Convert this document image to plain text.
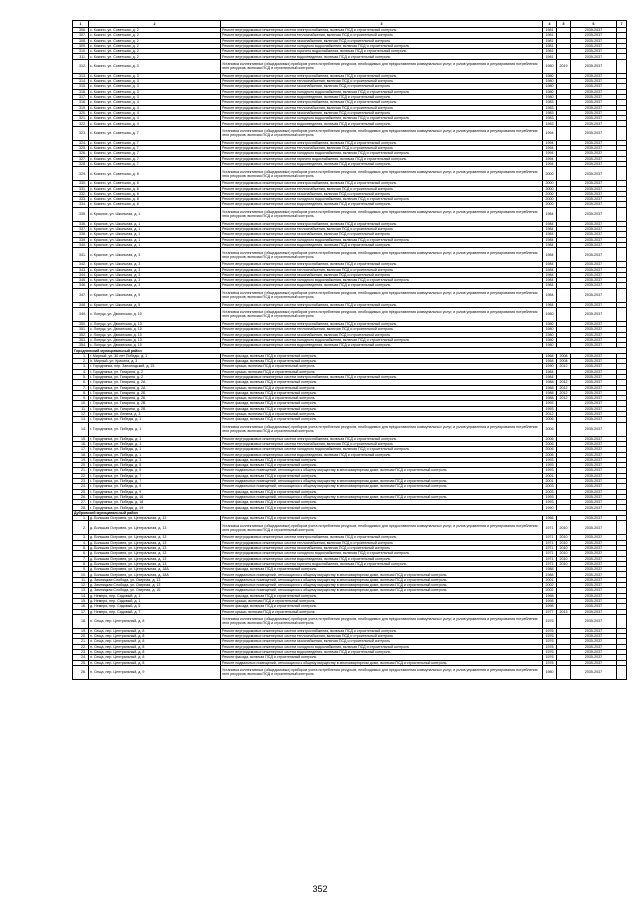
1	2	3	4	5	6	7
306.	с. Кокино, ул. Советская, д. 2	Ремонт внутридомовых инженерных систем электроснабжения, включая ПСД и строительный контроль	1981		2035-2037	
307.	с. Кокино, ул. Советская, д. 2	Ремонт внутридомовых инженерных систем теплоснабжения, включая ПСД и строительный контроль	1981		2035-2037	
308.	с. Кокино, ул. Советская, д. 2	Ремонт внутридомовых инженерных систем газоснабжения, включая ПСД и строительный контроль	1981		2035-2037	
309.	с. Кокино, ул. Советская, д. 2	Ремонт внутридомовых инженерных систем холодного водоснабжения, включая ПСД и строительный контроль	1981		2035-2037	
310.	с. Кокино, ул. Советская, д. 2	Ремонт внутридомовых инженерных систем горячего водоснабжения, включая ПСД и строительный контроль	1981		2035-2037	
311.	с. Кокино, ул. Советская, д. 2	Ремонт внутридомовых инженерных систем водоотведения, включая ПСД и строительный контроль	1981		2035-2037	
312.	с. Кокино, ул. Советская, д. 3	Установка коллективных (общедомовых) приборов учета потребления ресурсов, необходимых для предоставления коммунальных услуг, и узлов управления и регулирования потребления этих ресурсов, включая ПСД и строительный контроль	1980	2019	2035-2037	
313.	с. Кокино, ул. Советская, д. 3	Ремонт внутридомовых инженерных систем электроснабжения, включая ПСД и строительный контроль	1980		2035-2037	
314.	с. Кокино, ул. Советская, д. 3	Ремонт внутридомовых инженерных систем теплоснабжения, включая ПСД и строительный контроль	1980		2035-2037	
315.	с. Кокино, ул. Советская, д. 3	Ремонт внутридомовых инженерных систем газоснабжения, включая ПСД и строительный контроль	1980		2035-2037	
316.	с. Кокино, ул. Советская, д. 3	Ремонт внутридомовых инженерных систем холодного водоснабжения, включая ПСД и строительный контроль	1980		2035-2037	
317.	с. Кокино, ул. Советская, д. 3	Ремонт внутридомовых инженерных систем водоотведения, включая ПСД и строительный контроль	1980		2035-2037	
318.	с. Кокино, ул. Советская, д. 4	Ремонт внутридомовых инженерных систем электроснабжения, включая ПСД и строительный контроль	1983		2035-2037	
319.	с. Кокино, ул. Советская, д. 4	Ремонт внутридомовых инженерных систем теплоснабжения, включая ПСД и строительный контроль	1983		2035-2037	
320.	с. Кокино, ул. Советская, д. 4	Ремонт внутридомовых инженерных систем газоснабжения, включая ПСД и строительный контроль	1983		2035-2037	
321.	с. Кокино, ул. Советская, д. 4	Ремонт внутридомовых инженерных систем холодного водоснабжения, включая ПСД и строительный контроль	1983		2035-2037	
322.	с. Кокино, ул. Советская, д. 4	Ремонт внутридомовых инженерных систем водоотведения, включая ПСД и строительный контроль	1983		2035-2037	
323.	с. Кокино, ул. Советская, д. 7	Установка коллективных (общедомовых) приборов учета потребления ресурсов, необходимых для предоставления коммунальных услуг, и узлов управления и регулирования потребления этих ресурсов, включая ПСД и строительный контроль	1994		2035-2037	
324.	с. Кокино, ул. Советская, д. 7	Ремонт внутридомовых инженерных систем электроснабжения, включая ПСД и строительный контроль	1994		2035-2037	
325.	с. Кокино, ул. Советская, д. 7	Ремонт внутридомовых инженерных систем теплоснабжения, включая ПСД и строительный контроль	1994		2035-2037	
326.	с. Кокино, ул. Советская, д. 7	Ремонт внутридомовых инженерных систем холодного водоснабжения, включая ПСД и строительный контроль	1994		2035-2037	
327.	с. Кокино, ул. Советская, д. 7	Ремонт внутридомовых инженерных систем горячего водоснабжения, включая ПСД и строительный контроль	1994		2035-2037	
328.	с. Кокино, ул. Советская, д. 7	Ремонт внутридомовых инженерных систем водоотведения, включая ПСД и строительный контроль	1994		2035-2037	
329.	с. Кокино, ул. Советская, д. 8	Установка коллективных (общедомовых) приборов учета потребления ресурсов, необходимых для предоставления коммунальных услуг, и узлов управления и регулирования потребления этих ресурсов, включая ПСД и строительный контроль	2000		2035-2037	
330.	с. Кокино, ул. Советская, д. 8	Ремонт внутридомовых инженерных систем электроснабжения, включая ПСД и строительный контроль	2000		2035-2037	
331.	с. Кокино, ул. Советская, д. 8	Ремонт внутридомовых инженерных систем теплоснабжения, включая ПСД и строительный контроль	2000		2035-2037	
332.	с. Кокино, ул. Советская, д. 8	Ремонт внутридомовых инженерных систем газоснабжения, включая ПСД и строительный контроль	2000		2035-2037	
333.	с. Кокино, ул. Советская, д. 8	Ремонт внутридомовых инженерных систем холодного водоснабжения, включая ПСД и строительный контроль	2000		2035-2037	
334.	с. Кокино, ул. Советская, д. 8	Ремонт внутридомовых инженерных систем водоотведения, включая ПСД и строительный контроль	2000		2035-2037	
335.	с. Красное, ул. Школьная, д. 1	Установка коллективных (общедомовых) приборов учета потребления ресурсов, необходимых для предоставления коммунальных услуг, и узлов управления и регулирования потребления этих ресурсов, включая ПСД и строительный контроль	1984		2035-2037	
336.	с. Красное, ул. Школьная, д. 1	Ремонт внутридомовых инженерных систем электроснабжения, включая ПСД и строительный контроль	1984		2035-2037	
337.	с. Красное, ул. Школьная, д. 1	Ремонт внутридомовых инженерных систем теплоснабжения, включая ПСД и строительный контроль	1984		2035-2037	
338.	с. Красное, ул. Школьная, д. 1	Ремонт внутридомовых инженерных систем газоснабжения, включая ПСД и строительный контроль	1984		2035-2037	
339.	с. Красное, ул. Школьная, д. 1	Ремонт внутридомовых инженерных систем холодного водоснабжения, включая ПСД и строительный контроль	1984		2035-2037	
340.	с. Красное, ул. Школьная, д. 1	Ремонт внутридомовых инженерных систем водоотведения, включая ПСД и строительный контроль	1984		2035-2037	
341.	с. Красное, ул. Школьная, д. 3	Установка коллективных (общедомовых) приборов учета потребления ресурсов, необходимых для предоставления коммунальных услуг, и узлов управления и регулирования потребления этих ресурсов, включая ПСД и строительный контроль	1984		2035-2037	
342.	с. Красное, ул. Школьная, д. 3	Ремонт внутридомовых инженерных систем электроснабжения, включая ПСД и строительный контроль	1984		2035-2037	
343.	с. Красное, ул. Школьная, д. 3	Ремонт внутридомовых инженерных систем теплоснабжения, включая ПСД и строительный контроль	1984		2035-2037	
344.	с. Красное, ул. Школьная, д. 3	Ремонт внутридомовых инженерных систем газоснабжения, включая ПСД и строительный контроль	1984		2035-2037	
345.	с. Красное, ул. Школьная, д. 3	Ремонт внутридомовых инженерных систем холодного водоснабжения, включая ПСД и строительный контроль	1984		2035-2037	
346.	с. Красное, ул. Школьная, д. 3	Ремонт внутридомовых инженерных систем водоотведения, включая ПСД и строительный контроль	1984		2035-2037	
347.	с. Красное, ул. Школьная, д. 5	Установка коллективных (общедомовых) приборов учета потребления ресурсов, необходимых для предоставления коммунальных услуг, и узлов управления и регулирования потребления этих ресурсов, включая ПСД и строительный контроль	1984		2035-2037	
348.	с. Красное, ул. Школьная, д. 5	Ремонт внутридомовых инженерных систем электроснабжения, включая ПСД и строительный контроль	1984		2035-2037	
349.	с. Лопуцк, ул. Дюхинская, д. 10	Установка коллективных (общедомовых) приборов учета потребления ресурсов, необходимых для предоставления коммунальных услуг, и узлов управления и регулирования потребления этих ресурсов, включая ПСД и строительный контроль	1980		2035-2037	
350.	с. Лопуцк, ул. Дюхинская, д. 10	Ремонт внутридомовых инженерных систем электроснабжения, включая ПСД и строительный контроль	1980		2035-2037	
351.	с. Лопуцк, ул. Дюхинская, д. 10	Ремонт внутридомовых инженерных систем теплоснабжения, включая ПСД и строительный контроль	1980		2035-2037	
352.	с. Лопуцк, ул. Дюхинская, д. 10	Ремонт внутридомовых инженерных систем газоснабжения, включая ПСД и строительный контроль	1980		2035-2037	
353.	с. Лопуцк, ул. Дюхинская, д. 10	Ремонт внутридомовых инженерных систем холодного водоснабжения, включая ПСД и строительный контроль	1980		2035-2037	
354.	с. Лопуцк, ул. Дюхинская, д. 10	Ремонт внутридомовых инженерных систем водоотведения, включая ПСД и строительный контроль	1980		2035-2037	
Городнянский муниципальный район						
1.	г. Мирный, ул. 30 лет Победы, д. 1	Ремонт фасада, включая ПСД и строительный контроль	1968	2008	2035-2037	
2.	п. Мирный, ул. Красина, д. 3	Ремонт фасада, включая ПСД и строительный контроль	1958	2008	2035-2037	
3.	г. Городнянка, пер. Заполюдский, д. 15	Ремонт крыши, включая ПСД и строительный контроль	1990	2012	2035-2037	
4.	г. Городнянка, ул. Гагарина, д. 2	Ремонт крыши, включая ПСД и строительный контроль	1984		2035-2037	
5.	г. Городнянка, ул. Гагарина, д. 2	Ремонт внутридомовых инженерных систем электроснабжения, включая ПСД и строительный контроль	1984		2035-2037	
6.	г. Городнянка, ул. Гагарина, д. 2А	Ремонт фасада, включая ПСД и строительный контроль	1988	2012	2035-2037	
7.	г. Городнянка, ул. Гагарина, д. 2А	Ремонт крыши, включая ПСД и строительный контроль	1988	2012	2035-2037	
8.	г. Городнянка, ул. Гагарина, д. 2Б	Ремонт фасада, включая ПСД и строительный контроль	1988	2012	2035-2037	
9.	г. Городнянка, ул. Гагарина, д. 2Б	Ремонт крыши, включая ПСД и строительный контроль	1988	2012	2035-2037	
10.	г. Городнянка, ул. Гагарина, д. 2В	Ремонт фасада, включая ПСД и строительный контроль	1993		2035-2037	
11.	г. Городнянка, ул. Гагарина, д. 2В	Ремонт фасада, включая ПСД и строительный контроль	1993		2035-2037	
12.	г. Городнянка, ул. Ленина, д. 3	Ремонт крыши, включая ПСД и строительный контроль	2012		2035-2037	
13.	г. Городнянка, ул. Победы, д. 1	Ремонт фасада, включая ПСД и строительный контроль	2006		2035-2037	
14.	г. Городнянка, ул. Победы, д. 1	Установка коллективных (общедомовых) приборов учета потребления ресурсов, необходимых для предоставления коммунальных услуг, и узлов управления и регулирования потребления этих ресурсов, включая ПСД и строительный контроль	2006		2035-2037	
15.	г. Городнянка, ул. Победы, д. 1	Ремонт внутридомовых инженерных систем электроснабжения, включая ПСД и строительный контроль	2006		2035-2037	
16.	г. Городнянка, ул. Победы, д. 1	Ремонт внутридомовых инженерных систем теплоснабжения, включая ПСД и строительный контроль	2006		2035-2037	
17.	г. Городнянка, ул. Победы, д. 1	Ремонт внутридомовых инженерных систем холодного водоснабжения, включая ПСД и строительный контроль	2006		2035-2037	
18.	г. Городнянка, ул. Победы, д. 1	Ремонт внутридомовых инженерных систем водоотведения, включая ПСД и строительный контроль	2006		2035-2037	
19.	г. Городнянка, ул. Победы, д. 3	Ремонт фасада, включая ПСД и строительный контроль	1993		2035-2037	
20.	г. Городнянка, ул. Победы, д. 5	Ремонт фасада, включая ПСД и строительный контроль	1993		2035-2037	
21.	г. Городнянка, ул. Победы, д. 5	Ремонт подвальных помещений, относящихся к общему имуществу в многоквартирном доме, включая ПСД и строительный контроль	1993		2035-2037	
22.	г. Городнянка, ул. Победы, д. 7	Ремонт фасада, включая ПСД и строительный контроль	2001		2035-2037	
23.	г. Городнянка, ул. Победы, д. 7	Ремонт подвальных помещений, относящихся к общему имуществу в многоквартирном доме, включая ПСД и строительный контроль	2001		2035-2037	
24.	г. Городнянка, ул. Победы, д. 9	Ремонт подвальных помещений, относящихся к общему имуществу в многоквартирном доме, включая ПСД и строительный контроль	2003		2035-2037	
25.	г. Городнянка, ул. Победы, д. 9	Ремонт фасада, включая ПСД и строительный контроль	2003		2035-2037	
26.	г. Городнянка, ул. Победы, д. 16	Ремонт подвальных помещений, относящихся к общему имуществу в многоквартирном доме, включая ПСД и строительный контроль	1993		2035-2037	
27.	г. Городнянка, ул. Победы, д. 18	Ремонт фасада, включая ПСД и строительный контроль	1993		2035-2037	
28.	г. Городнянка, ул. Победы, д. 19	Ремонт фасада, включая ПСД и строительный контроль	1990		2035-2037	
Дубровский муниципальный район						
1.	д. Большая Островня, ул. Центральная, д. 12	Ремонт фасада, включая ПСД и строительный контроль	1966		2035-2037	
2.	д. Большая Островня, ул. Центральная, д. 13	Установка коллективных (общедомовых) приборов учета потребления ресурсов, необходимых для предоставления коммунальных услуг, и узлов управления и регулирования потребления этих ресурсов, включая ПСД и строительный контроль	1971	2010	2035-2037	
3.	д. Большая Островня, ул. Центральная, д. 13	Ремонт внутридомовых инженерных систем электроснабжения, включая ПСД и строительный контроль	1971	2010	2035-2037	
4.	д. Большая Островня, ул. Центральная, д. 13	Ремонт внутридомовых инженерных систем теплоснабжения, включая ПСД и строительный контроль	1971	2010	2035-2037	
5.	д. Большая Островня, ул. Центральная, д. 13	Ремонт внутридомовых инженерных систем газоснабжения, включая ПСД и строительный контроль	1971	2010	2035-2037	
6.	д. Большая Островня, ул. Центральная, д. 13	Ремонт внутридомовых инженерных систем холодного водоснабжения, включая ПСД и строительный контроль	1971	2010	2035-2037	
7.	д. Большая Островня, ул. Центральная, д. 13	Ремонт внутридомовых инженерных систем водоотведения, включая ПСД и строительный контроль	1971	2010	2035-2037	
8.	д. Большая Островня, ул. Центральная, д. 13	Ремонт внутридомовых инженерных систем горячего водоснабжения, включая ПСД и строительный контроль	1971	2010	2035-2037	
9.	д. Большая Островня, ул. Центральная, д. 18А	Ремонт фасада, включая ПСД и строительный контроль	1988		2035-2037	
10.	д. Большая Островня, ул. Центральная, д. 18А	Ремонт подвальных помещений, относящихся к общему имуществу в многоквартирном доме, включая ПСД и строительный контроль	1988		2035-2037	
11.	д. Зимницкая Слобода, ул. Озерная, д. 13	Ремонт подвальных помещений, относящихся к общему имуществу в многоквартирном доме, включая ПСД и строительный контроль	2001		2035-2037	
12.	д. Зимницкая Слобода, ул. Озерная, д. 13	Ремонт подвальных помещений, относящихся к общему имуществу в многоквартирном доме, включая ПСД и строительный контроль	2002		2035-2037	
13.	д. Зимницкая Слобода, ул. Озерная, д. 15	Ремонт подвальных помещений, относящихся к общему имуществу в многоквартирном доме, включая ПСД и строительный контроль	2002		2035-2037	
14.	д. Немеро, пер. Садовый, д. 1	Ремонт фасада, включая ПСД и строительный контроль	1998		2035-2037	
15.	д. Немеро, пер. Садовый, д. 1	Ремонт крыши, включая ПСД и строительный контроль	1998		2035-2037	
16.	д. Немеро, пер. Садовый, д. 5	Ремонт фасада, включая ПСД и строительный контроль	1998		2035-2037	
17.	д. Немеро, пер. Садовый, д. 7	Ремонт крыши, включая ПСД и строительный контроль	1977	2013	2035-2037	
18.	п. Сеща, пер. Центральный, д. 8	Установка коллективных (общедомовых) приборов учета потребления ресурсов, необходимых для предоставления коммунальных услуг, и узлов управления и регулирования потребления этих ресурсов, включая ПСД и строительный контроль	1976		2035-2037	
19.	п. Сеща, пер. Центральный, д. 8	Ремонт внутридомовых инженерных систем электроснабжения, включая ПСД и строительный контроль	1976		2035-2037	
20.	п. Сеща, пер. Центральный, д. 8	Ремонт внутридомовых инженерных систем теплоснабжения, включая ПСД и строительный контроль	1976		2035-2037	
21.	п. Сеща, пер. Центральный, д. 8	Ремонт внутридомовых инженерных систем газоснабжения, включая ПСД и строительный контроль	1976		2035-2037	
22.	п. Сеща, пер. Центральный, д. 8	Ремонт внутридомовых инженерных систем холодного водоснабжения, включая ПСД и строительный контроль	1976		2035-2037	
23.	п. Сеща, пер. Центральный, д. 8	Ремонт внутридомовых инженерных систем водоотведения, включая ПСД и строительный контроль	1976		2035-2037	
24.	п. Сеща, пер. Центральный, д. 8	Ремонт фасада, включая ПСД и строительный контроль	1976		2035-2037	
25.	п. Сеща, пер. Центральный, д. 8	Ремонт подвальных помещений, относящихся к общему имуществу в многоквартирном доме, включая ПСД и строительный контроль	1976		2035-2037	
26.	п. Сеща, пер. Центральный, д. 9	Установка коллективных (общедомовых) приборов учета потребления ресурсов, необходимых для предоставления коммунальных услуг, и узлов управления и регулирования потребления этих ресурсов, включая ПСД и строительный контроль	1980		2035-2037	
352
